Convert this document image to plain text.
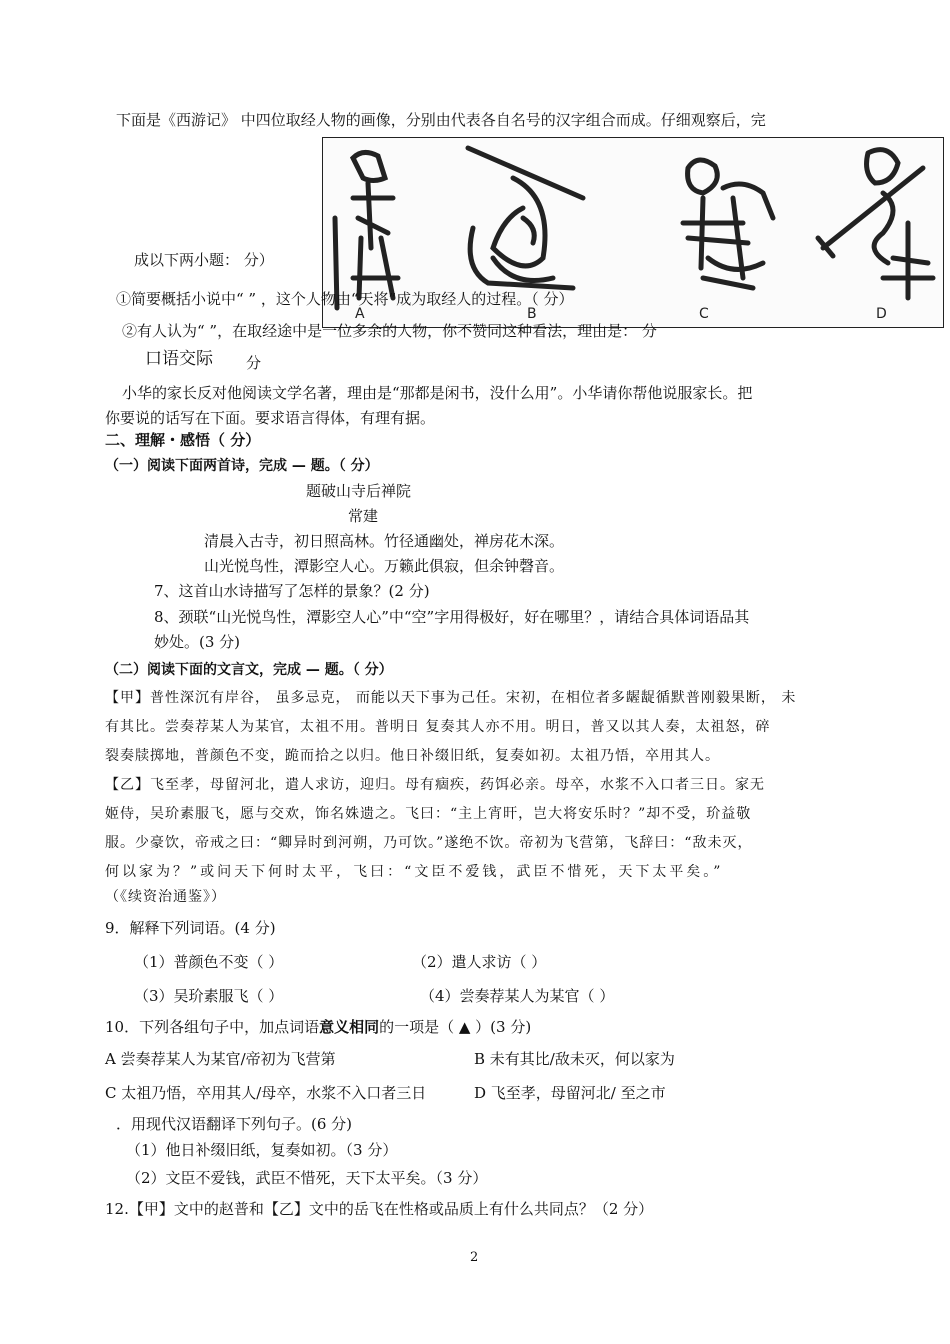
下面是《西游记》 中四位取经人物的画像，分别由代表各自名号的汉字组合而成。仔细观察后，完
A	B	C	D
成以下两小题： 分）
①简要概括小说中“ ” ，这个人物由“天将”成为取经人的过程。（ 分）
②有人认为“ ”，在取经途中是一位多余的人物，你不赞同这种看法，理由是： 分
口语交际 分
小华的家长反对他阅读文学名著，理由是“那都是闲书，没什么用”。小华请你帮他说服家长。把
你要说的话写在下面。要求语言得体，有理有据。
二、理解・感悟（ 分）
（一）阅读下面两首诗，完成 — 题。（ 分）
题破山寺后禅院
常建
清晨入古寺，初日照高林。竹径通幽处，禅房花木深。
山光悦鸟性，潭影空人心。万籁此俱寂，但余钟磬音。
7、这首山水诗描写了怎样的景象？(2 分)
8、颈联“山光悦鸟性，潭影空人心”中“空”字用得极好，好在哪里？，请结合具体词语品其
妙处。(3 分)
（二）阅读下面的文言文，完成 — 题。（ 分）
【甲】普性深沉有岸谷， 虽多忌克， 而能以天下事为己任。宋初，在相位者多龌龊循默普刚毅果断， 未
有其比。尝奏荐某人为某官，太祖不用。普明日 复奏其人亦不用。明日，普又以其人奏，太祖怒，碎
裂奏牍掷地，普颜色不变，跪而拾之以归。他日补缀旧纸，复奏如初。太祖乃悟，卒用其人。
【乙】飞至孝，母留河北，遣人求访，迎归。母有痼疾，药饵必亲。母卒，水浆不入口者三日。家无
姬侍，吴玠素服飞，愿与交欢，饰名姝遗之。飞曰：“主上宵旰，岂大将安乐时？”却不受，玠益敬
服。少豪饮，帝戒之曰：“卿异时到河朔，乃可饮。”遂绝不饮。帝初为飞营第，飞辞曰：“敌未灭，
何以家为？”或问天下何时太平，飞曰：“文臣不爱钱，武臣不惜死，天下太平矣。”
（《续资治通鉴》）
9．解释下列词语。(4 分)
（1）普颜色不变（ ）	（2）遣人求访（ ）
（3）吴玠素服飞（ ）	（4）尝奏荐某人为某官（ ）
10．下列各组句子中，加点词语意义相同的一项是（ ▲ ）(3 分)
A 尝奏荐某人为某官/帝初为飞营第	B 未有其比/敌未灭，何以家为
C 太祖乃悟，卒用其人/母卒，水浆不入口者三日	D 飞至孝，母留河北/ 至之市
．用现代汉语翻译下列句子。(6 分)
（1）他日补缀旧纸，复奏如初。（3 分）
（2）文臣不爱钱，武臣不惜死，天下太平矣。（3 分）
12.【甲】文中的赵普和【乙】文中的岳飞在性格或品质上有什么共同点？（2 分）
2
